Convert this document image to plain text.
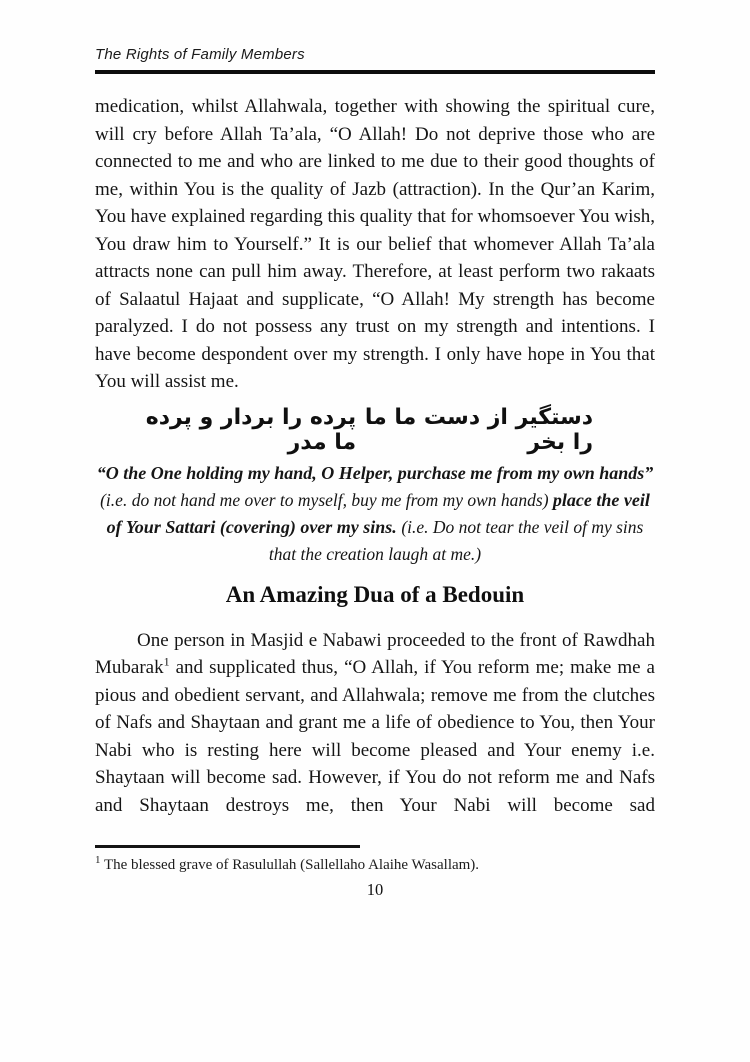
The Rights of Family Members

medication, whilst Allahwala, together with showing the spiritual cure, will cry before Allah Ta’ala, “O Allah! Do not deprive those who are connected to me and who are linked to me due to their good thoughts of me, within You is the quality of Jazb (attraction). In the Qur’an Karim, You have explained regarding this quality that for whomsoever You wish, You draw him to Yourself.” It is our belief that whomever Allah Ta’ala attracts none can pull him away. Therefore, at least perform two rakaats of Salaatul Hajaat and supplicate, “O Allah! My strength has become paralyzed. I do not possess any trust on my strength and intentions. I have become despondent over my strength. I only have hope in You that You will assist me.

دستگیر از دست ما ما را بخر
پرده را بردار و پرده ما مدر

“O the One holding my hand, O Helper, purchase me from my own hands” (i.e. do not hand me over to myself, buy me from my own hands) place the veil of Your Sattari (covering) over my sins. (i.e. Do not tear the veil of my sins that the creation laugh at me.)

An Amazing Dua of a Bedouin

One person in Masjid e Nabawi proceeded to the front of Rawdhah Mubarak$^1$ and supplicated thus, “O Allah, if You reform me; make me a pious and obedient servant, and Allahwala; remove me from the clutches of Nafs and Shaytaan and grant me a life of obedience to You, then Your Nabi who is resting here will become pleased and Your enemy i.e. Shaytaan will become sad. However, if You do not reform me and Nafs and Shaytaan destroys me, then Your Nabi will become sad

$^1$ The blessed grave of Rasulullah (Sallellaho Alaihe Wasallam).

10
